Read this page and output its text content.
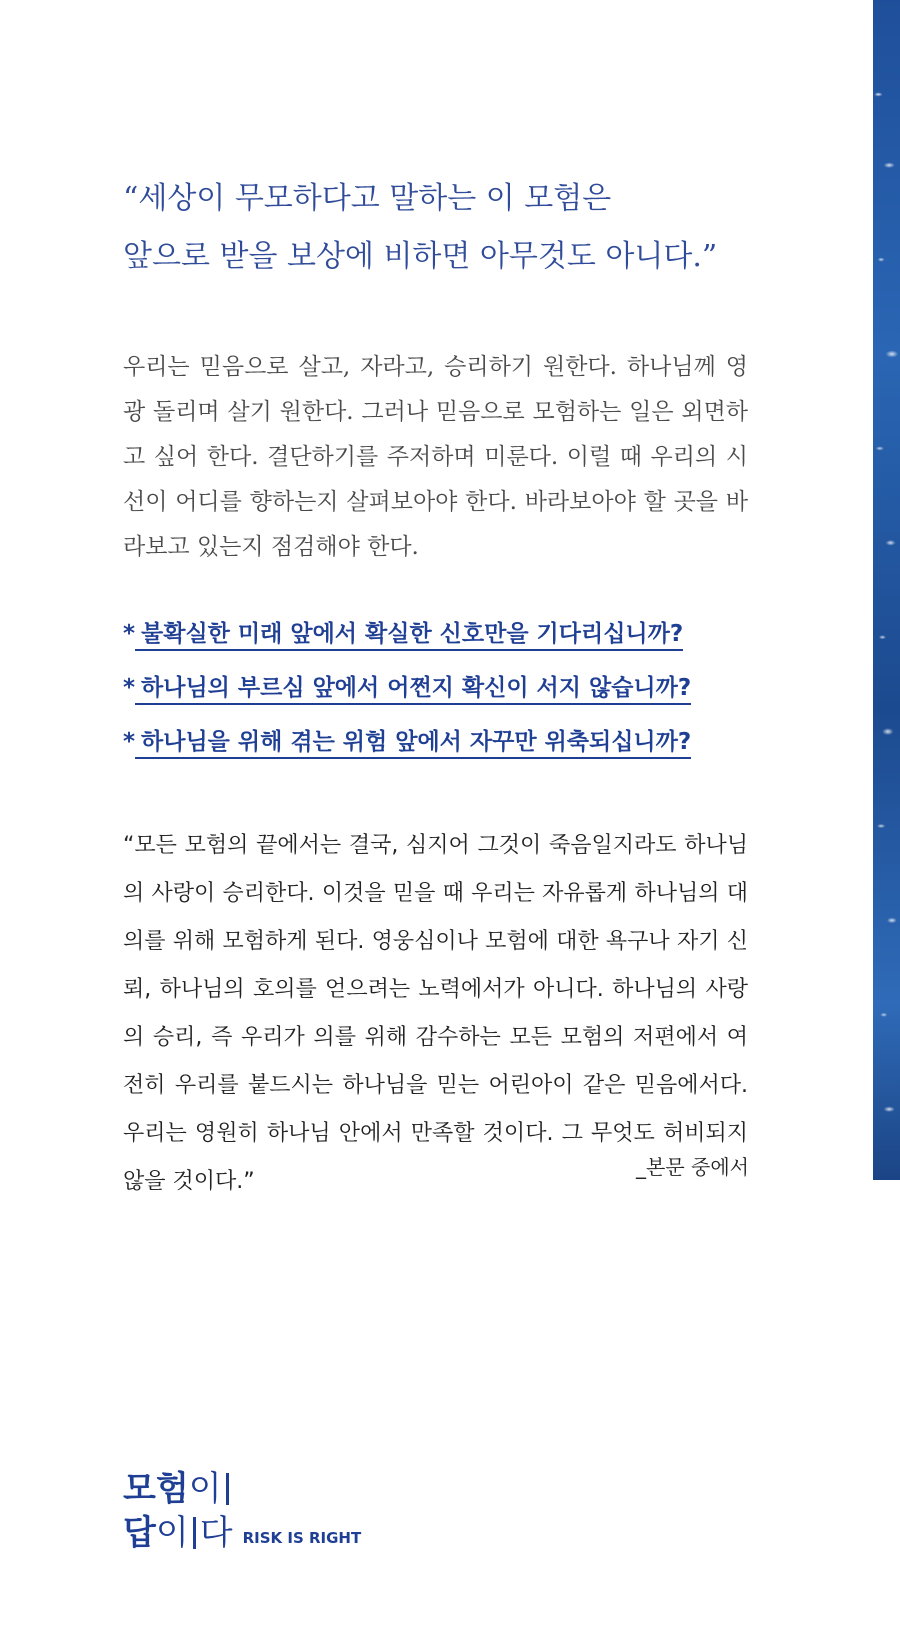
“세상이 무모하다고 말하는 이 모험은
앞으로 받을 보상에 비하면 아무것도 아니다.”

우리는 믿음으로 살고, 자라고, 승리하기 원한다. 하나님께 영광 돌리며 살기 원한다. 그러나 믿음으로 모험하는 일은 외면하고 싶어 한다. 결단하기를 주저하며 미룬다. 이럴 때 우리의 시선이 어디를 향하는지 살펴보아야 한다. 바라보아야 할 곳을 바라보고 있는지 점검해야 한다.

* 불확실한 미래 앞에서 확실한 신호만을 기다리십니까?
* 하나님의 부르심 앞에서 어쩐지 확신이 서지 않습니까?
* 하나님을 위해 겪는 위험 앞에서 자꾸만 위축되십니까?

“모든 모험의 끝에서는 결국, 심지어 그것이 죽음일지라도 하나님의 사랑이 승리한다. 이것을 믿을 때 우리는 자유롭게 하나님의 대의를 위해 모험하게 된다. 영웅심이나 모험에 대한 욕구나 자기 신뢰, 하나님의 호의를 얻으려는 노력에서가 아니다. 하나님의 사랑의 승리, 즉 우리가 의를 위해 감수하는 모든 모험의 저편에서 여전히 우리를 붙드시는 하나님을 믿는 어린아이 같은 믿음에서다. 우리는 영원히 하나님 안에서 만족할 것이다. 그 무엇도 허비되지 않을 것이다.”

_본문 중에서
모험 이
답 이 다 RISK IS RIGHT
